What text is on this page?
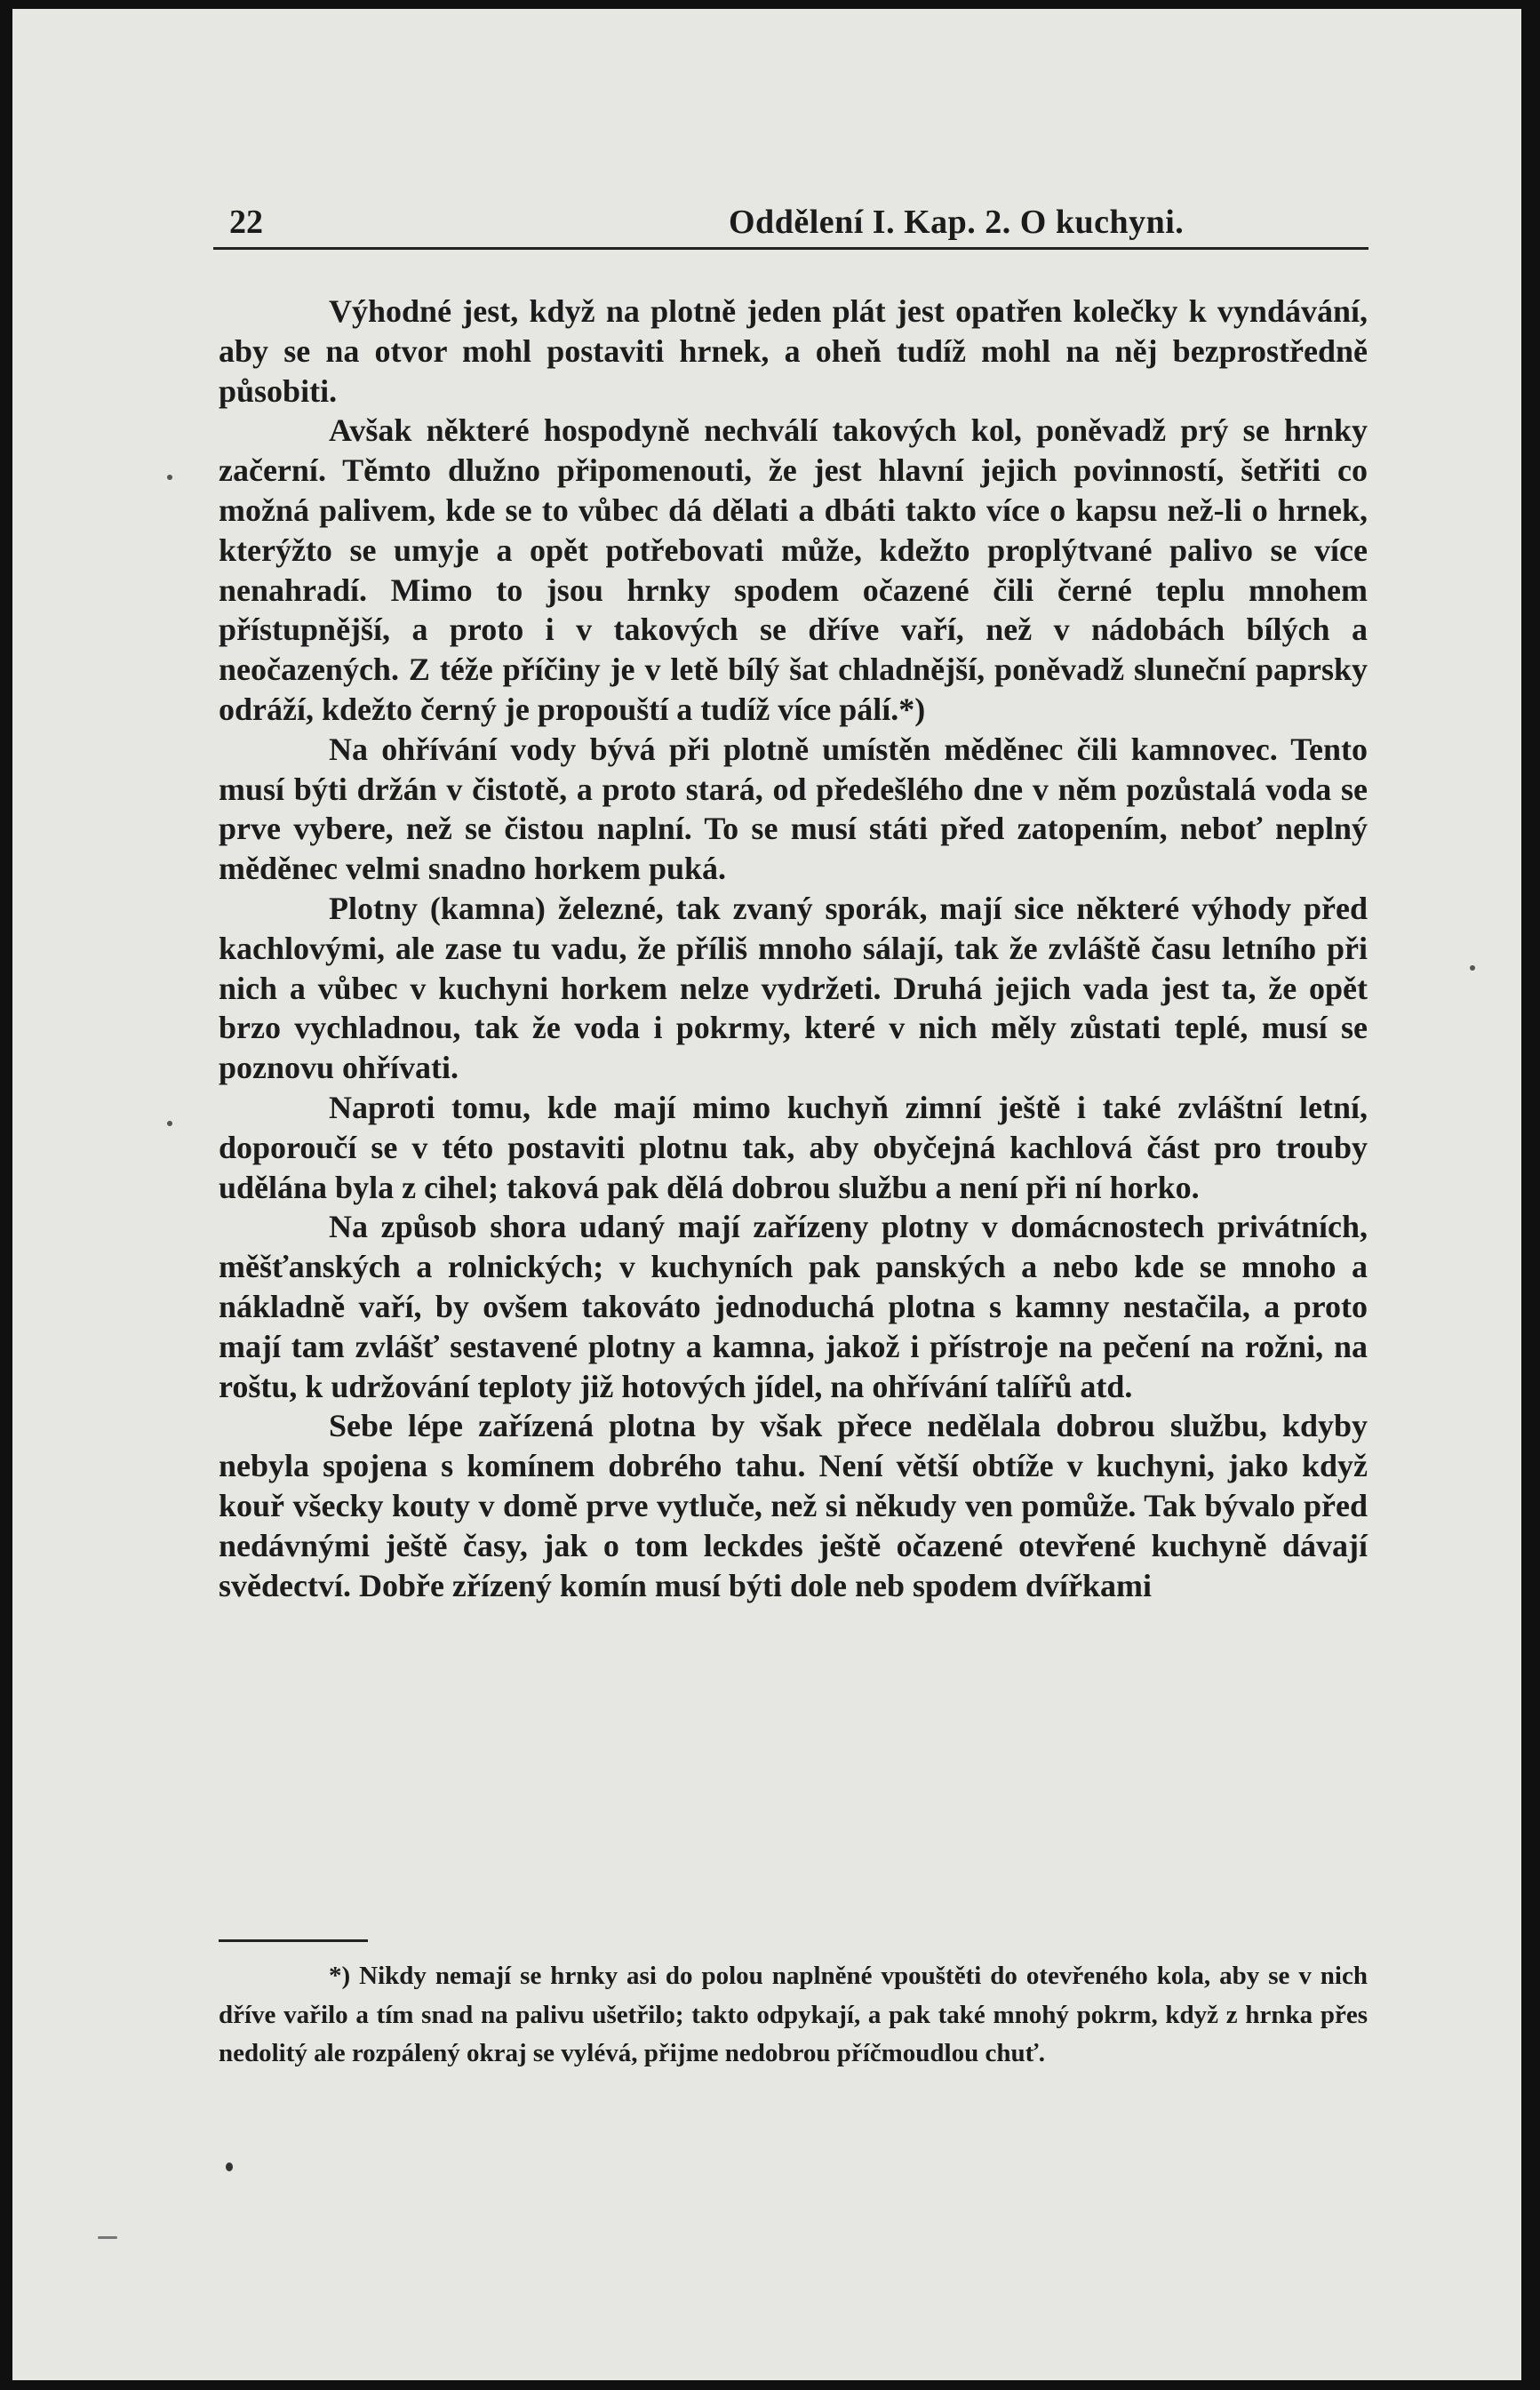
22	Oddělení I. Kap. 2. O kuchyni.

Výhodné jest, když na plotně jeden plát jest opatřen kolečky k vyndávání, aby se na otvor mohl postaviti hrnek, a oheň tudíž mohl na něj bezprostředně působiti.

Avšak některé hospodyně nechválí takových kol, poněvadž prý se hrnky začerní. Těmto dlužno připomenouti, že jest hlavní jejich povinností, šetřiti co možná palivem, kde se to vůbec dá dělati a dbáti takto více o kapsu než-li o hrnek, kterýžto se umyje a opět potřebovati může, kdežto proplýtvané palivo se více nenahradí. Mimo to jsou hrnky spodem očazené čili černé teplu mnohem přístupnější, a proto i v takových se dříve vaří, než v nádobách bílých a neočazených. Z téže příčiny je v letě bílý šat chladnější, poněvadž sluneční paprsky odráží, kdežto černý je propouští a tudíž více pálí.*)

Na ohřívání vody bývá při plotně umístěn měděnec čili kamnovec. Tento musí býti držán v čistotě, a proto stará, od předešlého dne v něm pozůstalá voda se prve vybere, než se čistou naplní. To se musí státi před zatopením, neboť neplný měděnec velmi snadno horkem puká.

Plotny (kamna) železné, tak zvaný sporák, mají sice některé výhody před kachlovými, ale zase tu vadu, že příliš mnoho sálají, tak že zvláště času letního při nich a vůbec v kuchyni horkem nelze vydržeti. Druhá jejich vada jest ta, že opět brzo vychladnou, tak že voda i pokrmy, které v nich měly zůstati teplé, musí se poznovu ohřívati.

Naproti tomu, kde mají mimo kuchyň zimní ještě i také zvláštní letní, doporoučí se v této postaviti plotnu tak, aby obyčejná kachlová část pro trouby udělána byla z cihel; taková pak dělá dobrou službu a není při ní horko.

Na způsob shora udaný mají zařízeny plotny v domácnostech privátních, měšťanských a rolnických; v kuchyních pak panských a nebo kde se mnoho a nákladně vaří, by ovšem takováto jednoduchá plotna s kamny nestačila, a proto mají tam zvlášť sestavené plotny a kamna, jakož i přístroje na pečení na rožni, na roštu, k udržování teploty již hotových jídel, na ohřívání talířů atd.

Sebe lépe zařízená plotna by však přece nedělala dobrou službu, kdyby nebyla spojena s komínem dobrého tahu. Není větší obtíže v kuchyni, jako když kouř všecky kouty v domě prve vytluče, než si někudy ven pomůže. Tak bývalo před nedávnými ještě časy, jak o tom leckdes ještě očazené otevřené kuchyně dávají svědectví. Dobře zřízený komín musí býti dole neb spodem dvířkami

*) Nikdy nemají se hrnky asi do polou naplněné vpouštěti do otevřeného kola, aby se v nich dříve vařilo a tím snad na palivu ušetřilo; takto odpykají, a pak také mnohý pokrm, když z hrnka přes nedolitý ale rozpálený okraj se vylévá, přijme nedobrou příčmoudlou chuť.
